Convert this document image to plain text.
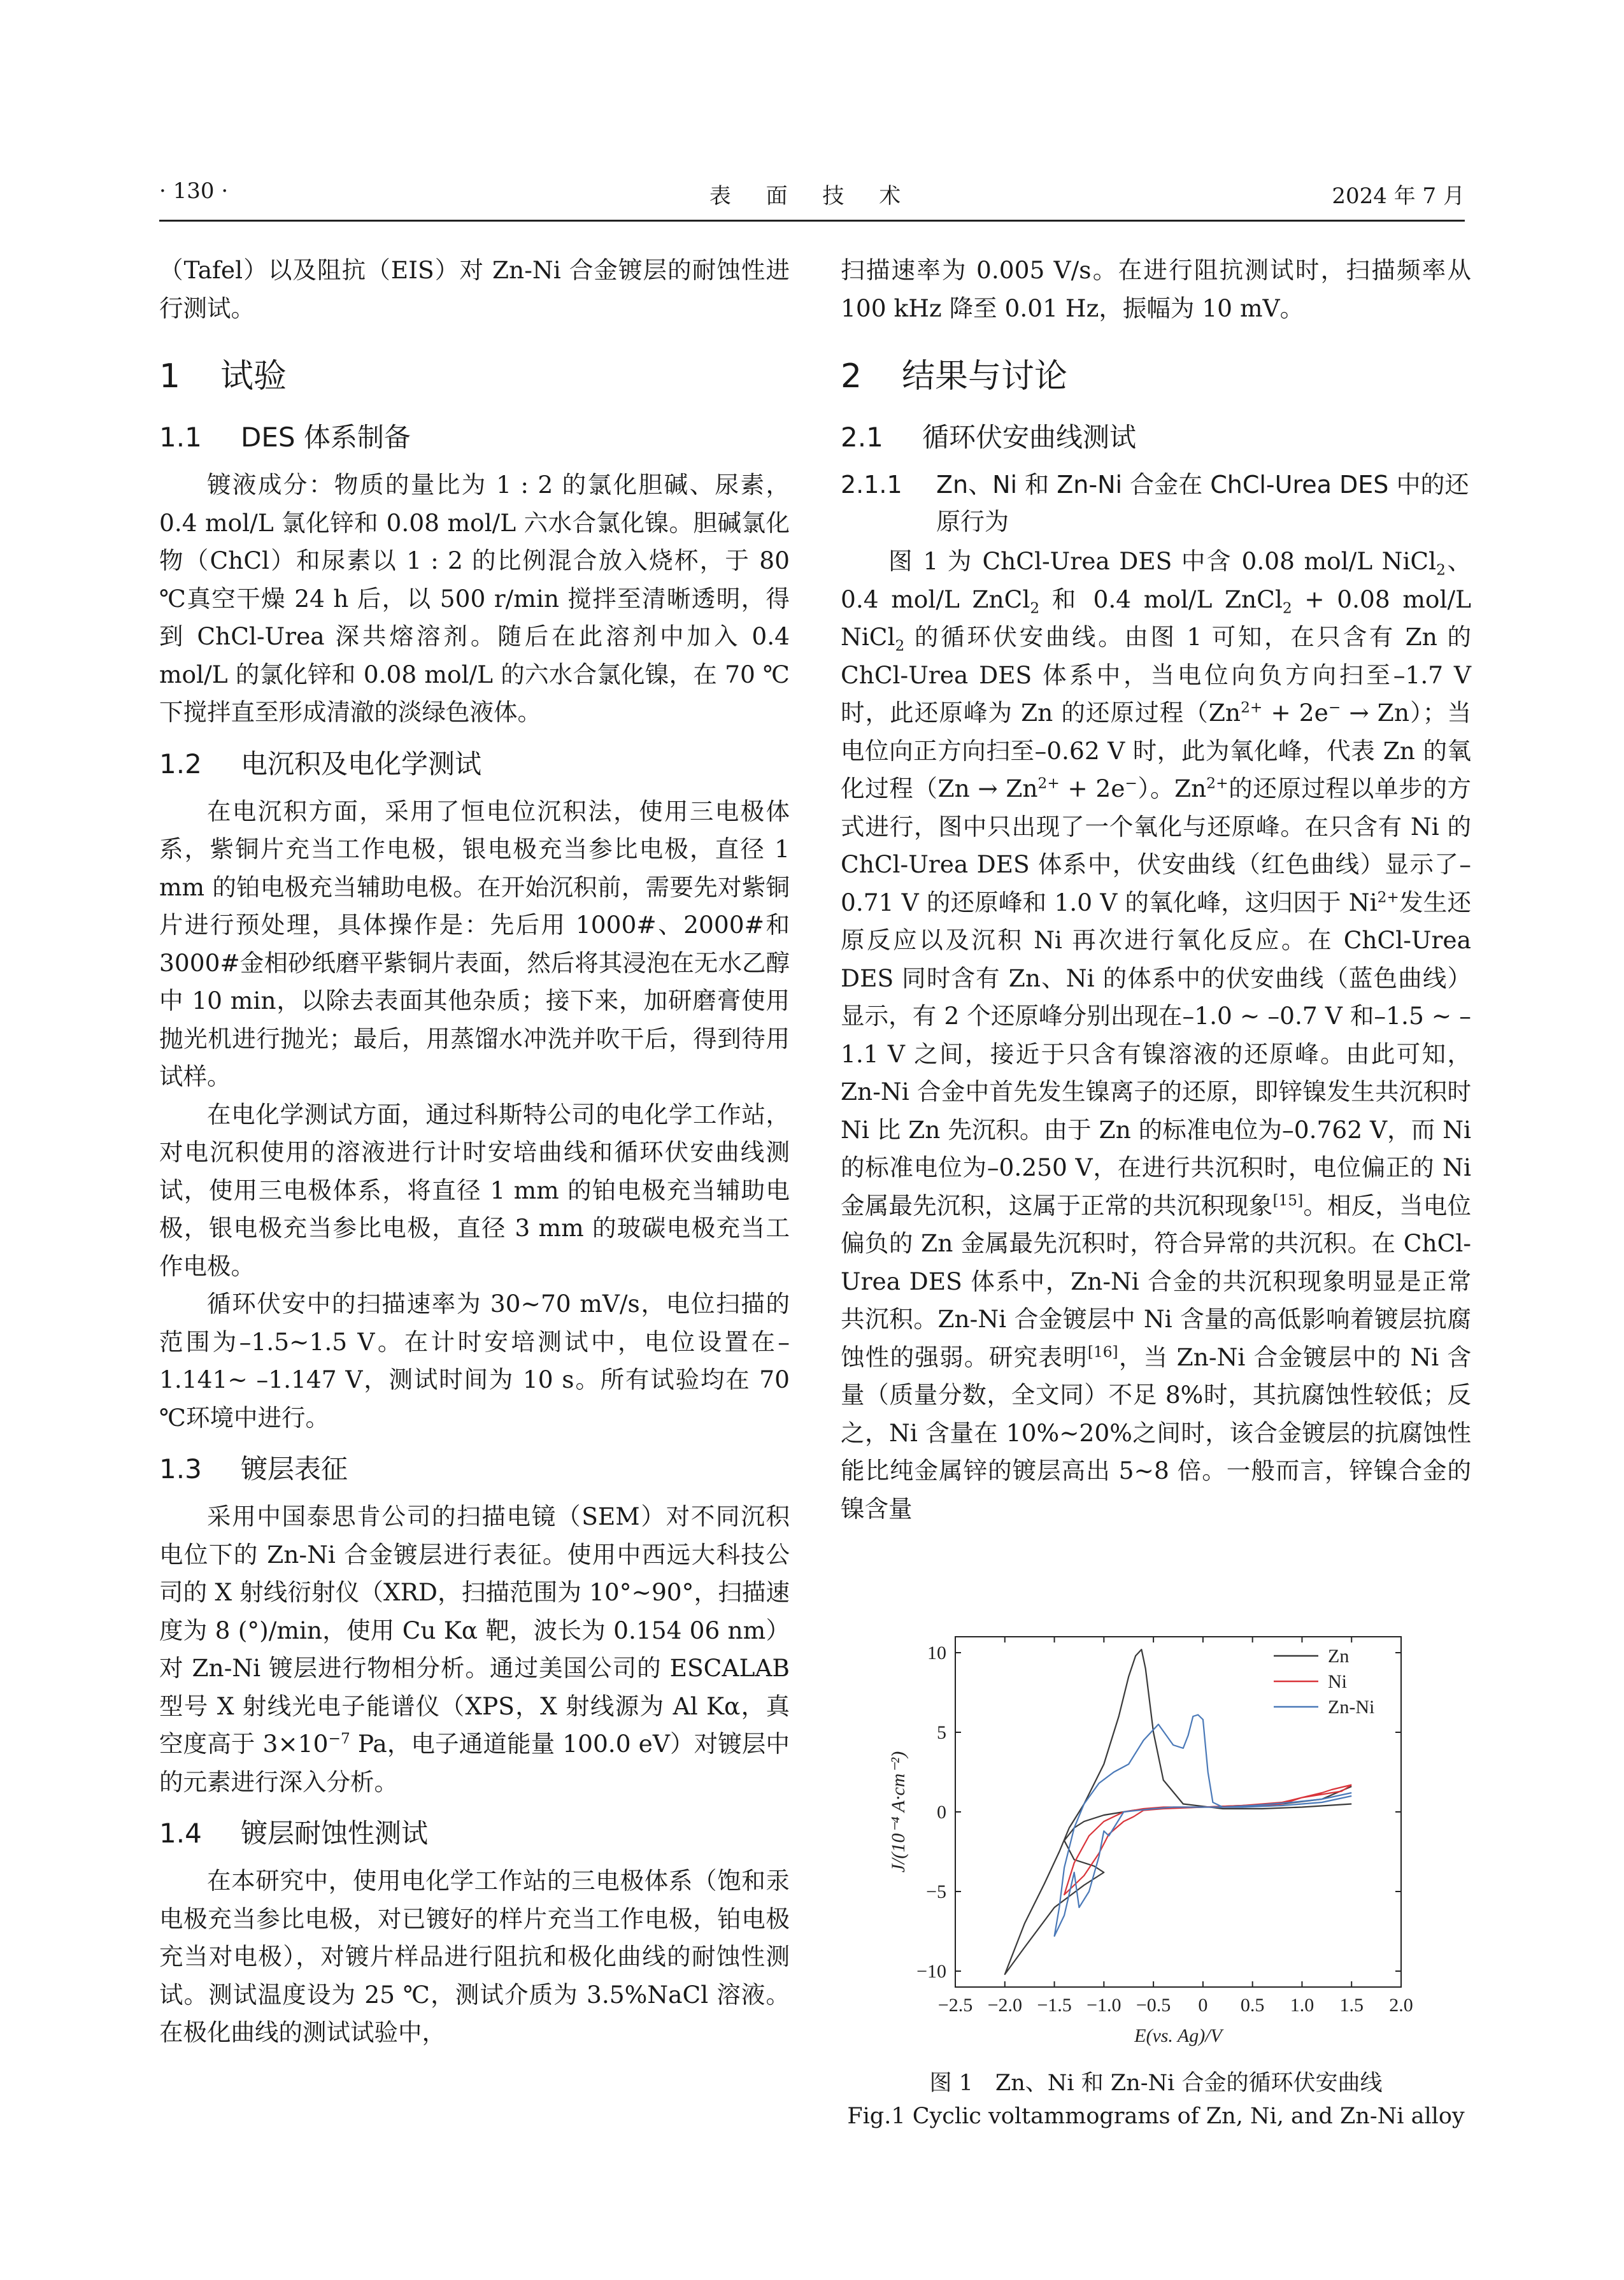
· 130 ·	表 面 技 术	2024 年 7 月

（Tafel）以及阻抗（EIS）对 Zn-Ni 合金镀层的耐蚀性进行测试。

1 试验
1.1 DES 体系制备

镀液成分：物质的量比为 1 : 2 的氯化胆碱、尿素，0.4 mol/L 氯化锌和 0.08 mol/L 六水合氯化镍。胆碱氯化物（ChCl）和尿素以 1 : 2 的比例混合放入烧杯，于 80 ℃真空干燥 24 h 后，以 500 r/min 搅拌至清晰透明，得到 ChCl-Urea 深共熔溶剂。随后在此溶剂中加入 0.4 mol/L 的氯化锌和 0.08 mol/L 的六水合氯化镍，在 70 ℃下搅拌直至形成清澈的淡绿色液体。

1.2 电沉积及电化学测试

在电沉积方面，采用了恒电位沉积法，使用三电极体系，紫铜片充当工作电极，银电极充当参比电极，直径 1 mm 的铂电极充当辅助电极。在开始沉积前，需要先对紫铜片进行预处理，具体操作是：先后用 1000#、2000#和 3000#金相砂纸磨平紫铜片表面，然后将其浸泡在无水乙醇中 10 min，以除去表面其他杂质；接下来，加研磨膏使用抛光机进行抛光；最后，用蒸馏水冲洗并吹干后，得到待用试样。

在电化学测试方面，通过科斯特公司的电化学工作站，对电沉积使用的溶液进行计时安培曲线和循环伏安曲线测试，使用三电极体系，将直径 1 mm 的铂电极充当辅助电极，银电极充当参比电极，直径 3 mm 的玻碳电极充当工作电极。

循环伏安中的扫描速率为 30~70 mV/s，电位扫描的范围为–1.5~1.5 V。在计时安培测试中，电位设置在–1.141~ –1.147 V，测试时间为 10 s。所有试验均在 70 ℃环境中进行。

1.3 镀层表征

采用中国泰思肯公司的扫描电镜（SEM）对不同沉积电位下的 Zn-Ni 合金镀层进行表征。使用中西远大科技公司的 X 射线衍射仪（XRD，扫描范围为 10°~90°，扫描速度为 8 (°)/min，使用 Cu Kα 靶，波长为 0.154 06 nm）对 Zn-Ni 镀层进行物相分析。通过美国公司的 ESCALAB 型号 X 射线光电子能谱仪（XPS，X 射线源为 Al Kα，真空度高于 $3\times 10^{-7}$ Pa，电子通道能量 100.0 eV）对镀层中的元素进行深入分析。

1.4 镀层耐蚀性测试

在本研究中，使用电化学工作站的三电极体系（饱和汞电极充当参比电极，对已镀好的样片充当工作电极，铂电极充当对电极），对镀片样品进行阻抗和极化曲线的耐蚀性测试。测试温度设为 25 ℃，测试介质为 3.5%NaCl 溶液。在极化曲线的测试试验中，

扫描速率为 0.005 V/s。在进行阻抗测试时，扫描频率从 100 kHz 降至 0.01 Hz，振幅为 10 mV。

2 结果与讨论
2.1 循环伏安曲线测试
2.1.1 Zn、Ni 和 Zn-Ni 合金在 ChCl-Urea DES 中的还原行为

图 1 为 ChCl-Urea DES 中含 0.08 mol/L NiCl$_2$、0.4 mol/L ZnCl$_2$ 和 0.4 mol/L ZnCl$_2$ + 0.08 mol/L NiCl$_2$ 的循环伏安曲线。由图 1 可知，在只含有 Zn 的 ChCl-Urea DES 体系中，当电位向负方向扫至–1.7 V 时，此还原峰为 Zn 的还原过程$(Zn^{2+} + 2e^- \to Zn)$；当电位向正方向扫至–0.62 V 时，此为氧化峰，代表 Zn 的氧化过程$(Zn \to Zn^{2+} + 2e^-)$。$Zn^{2+}$的还原过程以单步的方式进行，图中只出现了一个氧化与还原峰。在只含有 Ni 的 ChCl-Urea DES 体系中，伏安曲线（红色曲线）显示了–0.71 V 的还原峰和 1.0 V 的氧化峰，这归因于 $Ni^{2+}$发生还原反应以及沉积 Ni 再次进行氧化反应。在 ChCl-Urea DES 同时含有 Zn、Ni 的体系中的伏安曲线（蓝色曲线）显示，有 2 个还原峰分别出现在–1.0 ~ –0.7 V 和–1.5 ~ –1.1 V 之间，接近于只含有镍溶液的还原峰。由此可知，Zn-Ni 合金中首先发生镍离子的还原，即锌镍发生共沉积时 Ni 比 Zn 先沉积。由于 Zn 的标准电位为–0.762 V，而 Ni 的标准电位为–0.250 V，在进行共沉积时，电位偏正的 Ni 金属最先沉积，这属于正常的共沉积现象[15]。相反，当电位偏负的 Zn 金属最先沉积时，符合异常的共沉积。在 ChCl-Urea DES 体系中，Zn-Ni 合金的共沉积现象明显是正常共沉积。Zn-Ni 合金镀层中 Ni 含量的高低影响着镀层抗腐蚀性的强弱。研究表明[16]，当 Zn-Ni 合金镀层中的 Ni 含量（质量分数，全文同）不足 8%时，其抗腐蚀性较低；反之，Ni 含量在 10%~20%之间时，该合金镀层的抗腐蚀性能比纯金属锌的镀层高出 5~8 倍。一般而言，锌镍合金的镍含量

−2.5 −2.0 −1.5 −1.0 −0.5 0 0.5 1.0 1.5 2.0
10
5
0
−5
−10
E(vs. Ag)/V
J/(10⁻⁴ A·cm⁻²)
Zn
Ni
Zn-Ni
图 1　Zn、Ni 和 Zn-Ni 合金的循环伏安曲线
Fig.1 Cyclic voltammograms of Zn, Ni, and Zn-Ni alloy
